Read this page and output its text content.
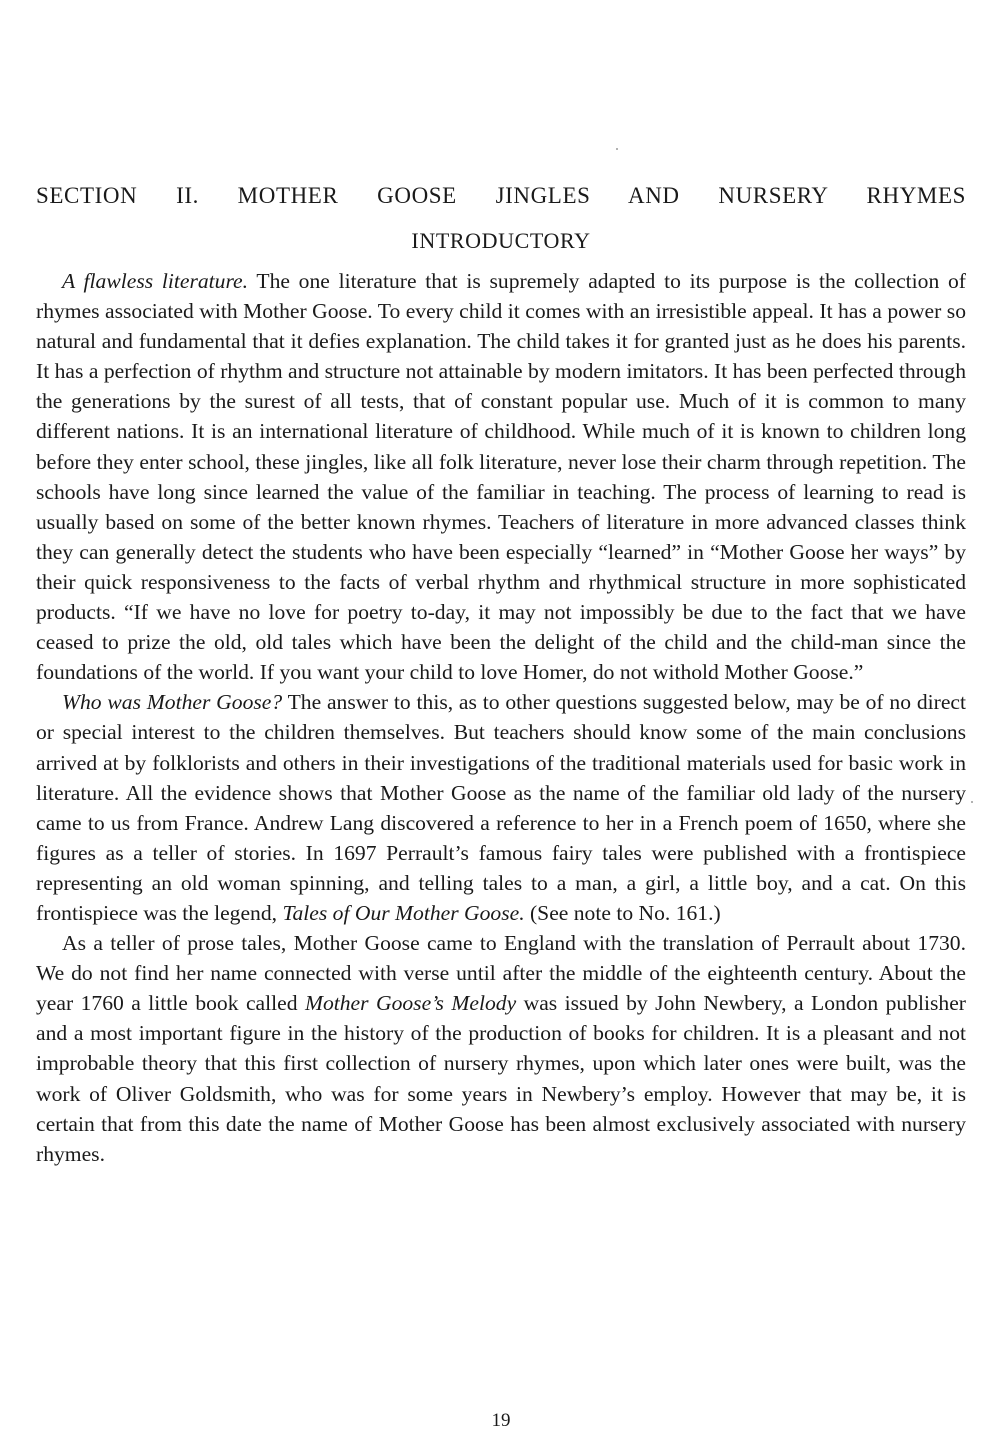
SECTION II. MOTHER GOOSE JINGLES AND NURSERY RHYMES
INTRODUCTORY

A flawless literature. The one literature that is supremely adapted to its purpose is the collection of rhymes associated with Mother Goose. To every child it comes with an irresistible appeal. It has a power so natural and fundamental that it defies explanation. The child takes it for granted just as he does his parents. It has a perfection of rhythm and structure not attainable by modern imitators. It has been perfected through the generations by the surest of all tests, that of constant popular use. Much of it is common to many different nations. It is an international literature of childhood. While much of it is known to children long before they enter school, these jingles, like all folk literature, never lose their charm through repetition. The schools have long since learned the value of the familiar in teaching. The process of learning to read is usually based on some of the better known rhymes. Teachers of literature in more advanced classes think they can generally detect the students who have been especially “learned” in “Mother Goose her ways” by their quick responsiveness to the facts of verbal rhythm and rhythmical structure in more sophisticated products. “If we have no love for poetry to-day, it may not impossibly be due to the fact that we have ceased to prize the old, old tales which have been the delight of the child and the child-man since the foundations of the world. If you want your child to love Homer, do not withold Mother Goose.”

Who was Mother Goose? The answer to this, as to other questions suggested below, may be of no direct or special interest to the children themselves. But teachers should know some of the main conclusions arrived at by folklorists and others in their investigations of the traditional materials used for basic work in literature. All the evidence shows that Mother Goose as the name of the familiar old lady of the nursery came to us from France. Andrew Lang discovered a reference to her in a French poem of 1650, where she figures as a teller of stories. In 1697 Perrault’s famous fairy tales were published with a frontispiece representing an old woman spinning, and telling tales to a man, a girl, a little boy, and a cat. On this frontispiece was the legend, Tales of Our Mother Goose. (See note to No. 161.)

As a teller of prose tales, Mother Goose came to England with the translation of Perrault about 1730. We do not find her name connected with verse until after the middle of the eighteenth century. About the year 1760 a little book called Mother Goose’s Melody was issued by John Newbery, a London publisher and a most important figure in the history of the production of books for children. It is a pleasant and not improbable theory that this first collection of nursery rhymes, upon which later ones were built, was the work of Oliver Goldsmith, who was for some years in Newbery’s employ. However that may be, it is certain that from this date the name of Mother Goose has been almost exclusively associated with nursery rhymes.

19
